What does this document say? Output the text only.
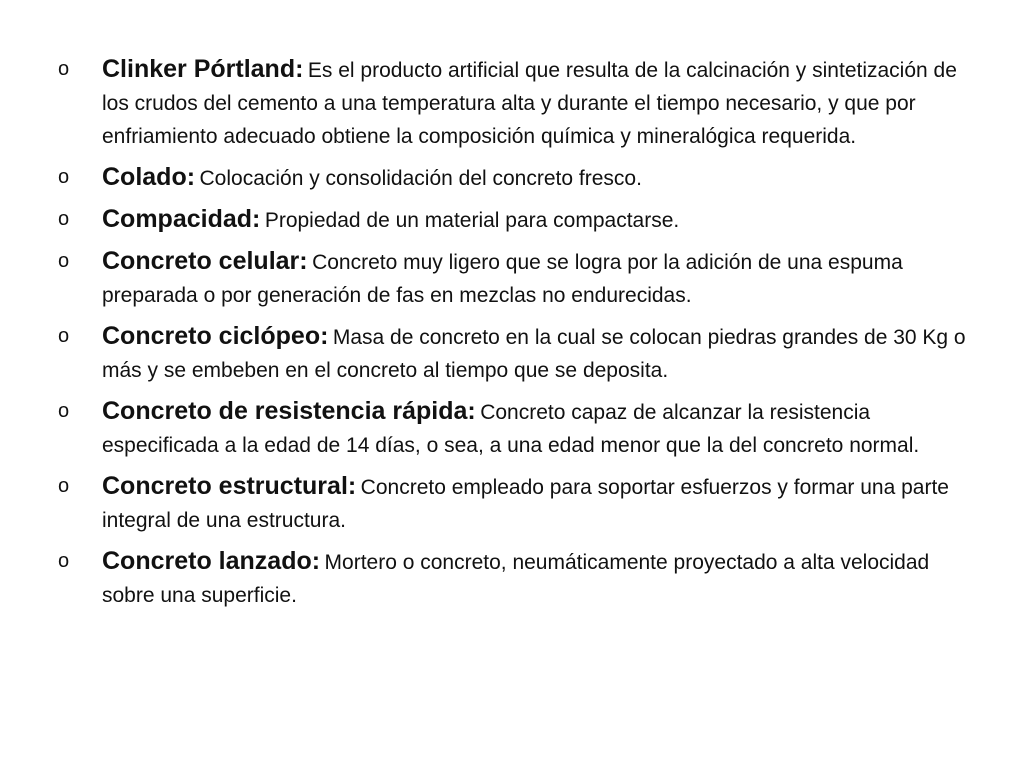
o Clinker Pórtland: Es el producto artificial que resulta de la calcinación y sintetización de los crudos del cemento a una temperatura alta y durante el tiempo necesario, y que por enfriamiento adecuado obtiene la composición química y mineralógica requerida.
o Colado: Colocación y consolidación del concreto fresco.
o Compacidad: Propiedad de un material para compactarse.
o Concreto celular: Concreto muy ligero que se logra por la adición de una espuma preparada o por generación de fas en mezclas no endurecidas.
o Concreto ciclópeo: Masa de concreto en la cual se colocan piedras grandes de 30 Kg o más y se embeben en el concreto al tiempo que se deposita.
o Concreto de resistencia rápida: Concreto capaz de alcanzar la resistencia especificada a la edad de 14 días, o sea, a una edad menor que la del concreto normal.
o Concreto estructural: Concreto empleado para soportar esfuerzos y formar una parte integral de una estructura.
o Concreto lanzado: Mortero o concreto, neumáticamente proyectado a alta velocidad sobre una superficie.
